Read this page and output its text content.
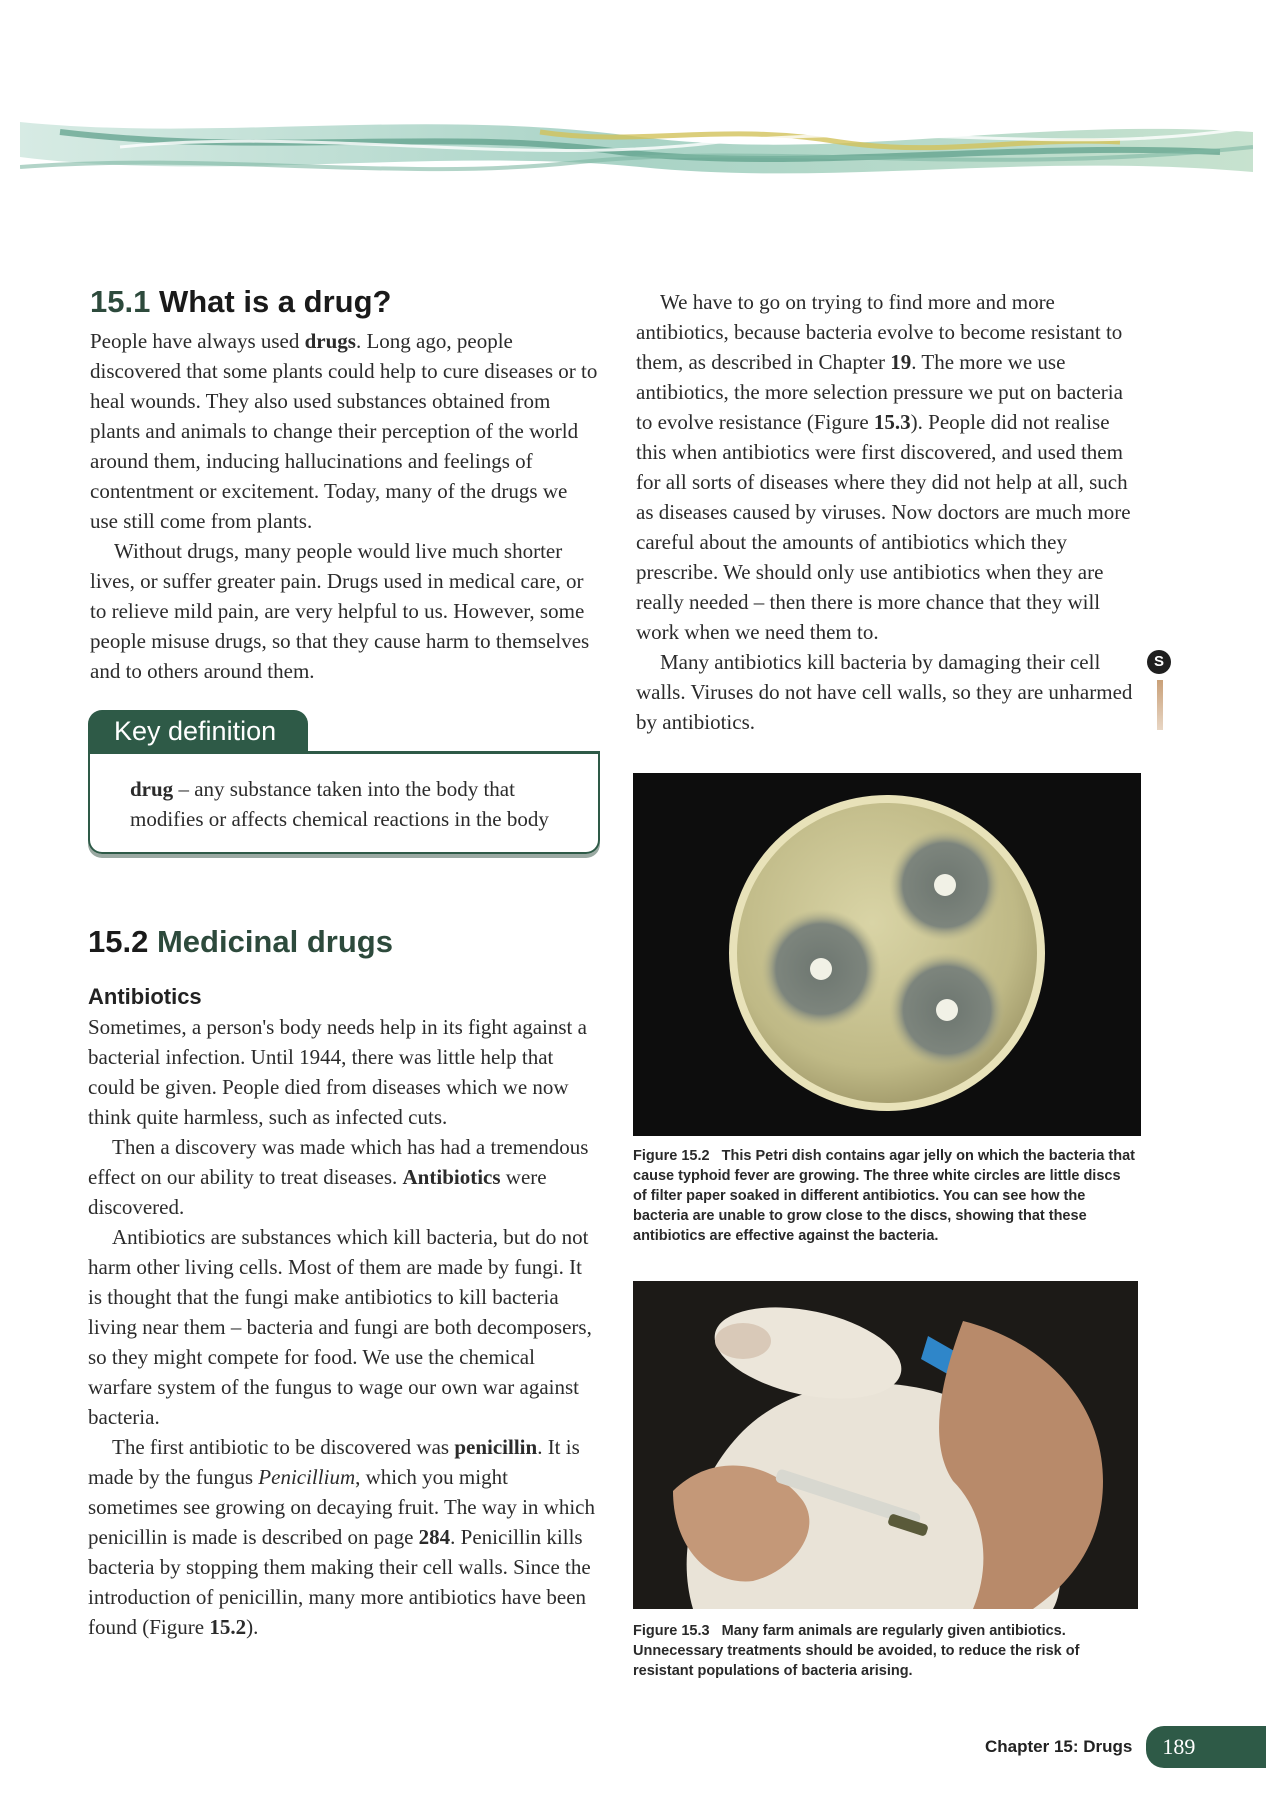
15.1 What is a drug?

People have always used drugs. Long ago, people discovered that some plants could help to cure diseases or to heal wounds. They also used substances obtained from plants and animals to change their perception of the world around them, inducing hallucinations and feelings of contentment or excitement. Today, many of the drugs we use still come from plants.

Without drugs, many people would live much shorter lives, or suffer greater pain. Drugs used in medical care, or to relieve mild pain, are very helpful to us. However, some people misuse drugs, so that they cause harm to themselves and to others around them.

Key definition
drug – any substance taken into the body that modifies or affects chemical reactions in the body
15.2 Medicinal drugs
Antibiotics

Sometimes, a person's body needs help in its fight against a bacterial infection. Until 1944, there was little help that could be given. People died from diseases which we now think quite harmless, such as infected cuts.

Then a discovery was made which has had a tremendous effect on our ability to treat diseases. Antibiotics were discovered.

Antibiotics are substances which kill bacteria, but do not harm other living cells. Most of them are made by fungi. It is thought that the fungi make antibiotics to kill bacteria living near them – bacteria and fungi are both decomposers, so they might compete for food. We use the chemical warfare system of the fungus to wage our own war against bacteria.

The first antibiotic to be discovered was penicillin. It is made by the fungus Penicillium, which you might sometimes see growing on decaying fruit. The way in which penicillin is made is described on page 284. Penicillin kills bacteria by stopping them making their cell walls. Since the introduction of penicillin, many more antibiotics have been found (Figure 15.2).

We have to go on trying to find more and more antibiotics, because bacteria evolve to become resistant to them, as described in Chapter 19. The more we use antibiotics, the more selection pressure we put on bacteria to evolve resistance (Figure 15.3). People did not realise this when antibiotics were first discovered, and used them for all sorts of diseases where they did not help at all, such as diseases caused by viruses. Now doctors are much more careful about the amounts of antibiotics which they prescribe. We should only use antibiotics when they are really needed – then there is more chance that they will work when we need them to.

Many antibiotics kill bacteria by damaging their cell walls. Viruses do not have cell walls, so they are unharmed by antibiotics.

S
Figure 15.2 This Petri dish contains agar jelly on which the bacteria that cause typhoid fever are growing. The three white circles are little discs of filter paper soaked in different antibiotics. You can see how the bacteria are unable to grow close to the discs, showing that these antibiotics are effective against the bacteria.
Figure 15.3 Many farm animals are regularly given antibiotics. Unnecessary treatments should be avoided, to reduce the risk of resistant populations of bacteria arising.
Chapter 15: Drugs	189
